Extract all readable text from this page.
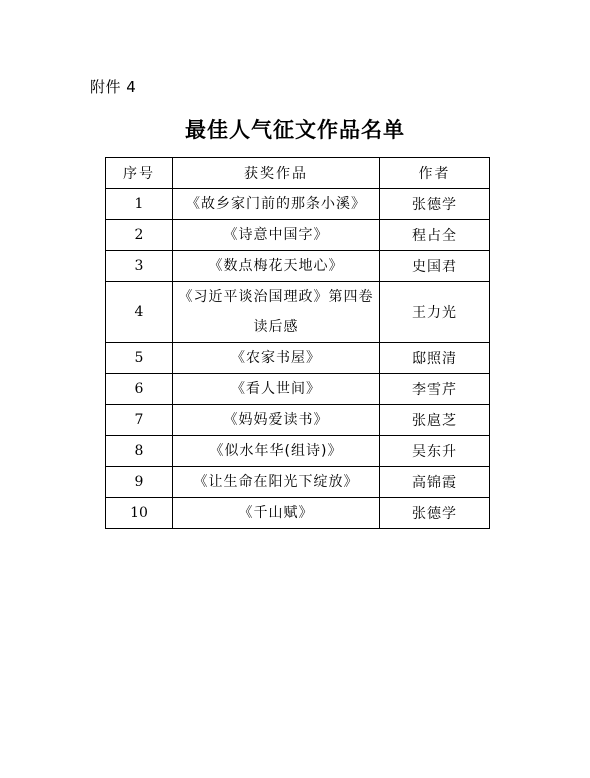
附件 4
最佳人气征文作品名单
序号	获奖作品	作者
1	《故乡家门前的那条小溪》	张德学
2	《诗意中国字》	程占全
3	《数点梅花天地心》	史国君
4	《习近平谈治国理政》第四卷读后感	王力光
5	《农家书屋》	邸照清
6	《看人世间》	李雪芹
7	《妈妈爱读书》	张扈芝
8	《似水年华(组诗)》	吴东升
9	《让生命在阳光下绽放》	高锦霞
10	《千山赋》	张德学
